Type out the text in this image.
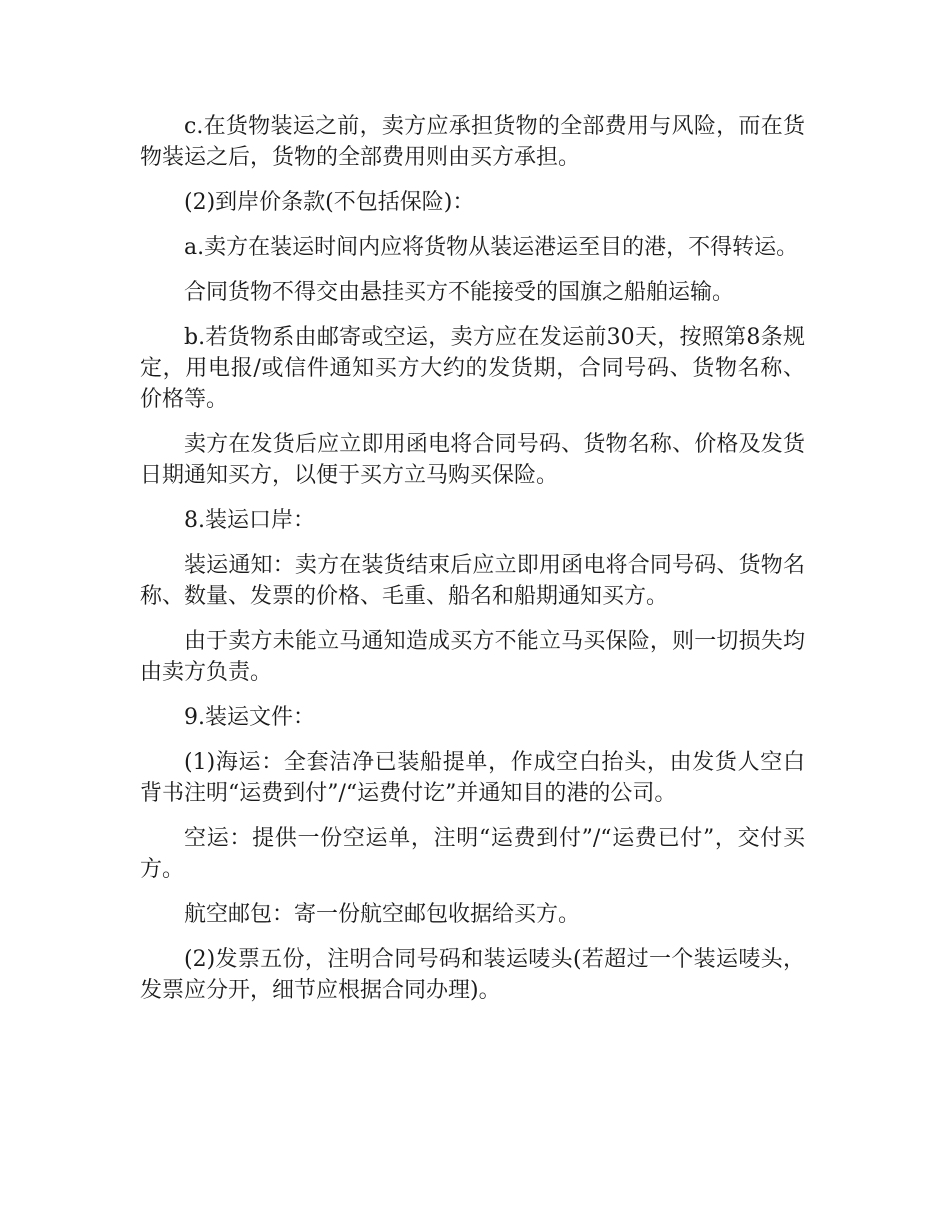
c.在货物装运之前，卖方应承担货物的全部费用与风险，而在货物装运之后，货物的全部费用则由买方承担。

(2)到岸价条款(不包括保险)：

a.卖方在装运时间内应将货物从装运港运至目的港，不得转运。

合同货物不得交由悬挂买方不能接受的国旗之船舶运输。

b.若货物系由邮寄或空运，卖方应在发运前30天，按照第8条规定，用电报/或信件通知买方大约的发货期，合同号码、货物名称、价格等。

卖方在发货后应立即用函电将合同号码、货物名称、价格及发货日期通知买方，以便于买方立马购买保险。

8.装运口岸：

装运通知：卖方在装货结束后应立即用函电将合同号码、货物名称、数量、发票的价格、毛重、船名和船期通知买方。

由于卖方未能立马通知造成买方不能立马买保险，则一切损失均由卖方负责。

9.装运文件：

(1)海运：全套洁净已装船提单，作成空白抬头，由发货人空白背书注明“运费到付”/“运费付讫”并通知目的港的公司。

空运：提供一份空运单，注明“运费到付”/“运费已付”，交付买方。

航空邮包：寄一份航空邮包收据给买方。

(2)发票五份，注明合同号码和装运唛头(若超过一个装运唛头，发票应分开，细节应根据合同办理)。
